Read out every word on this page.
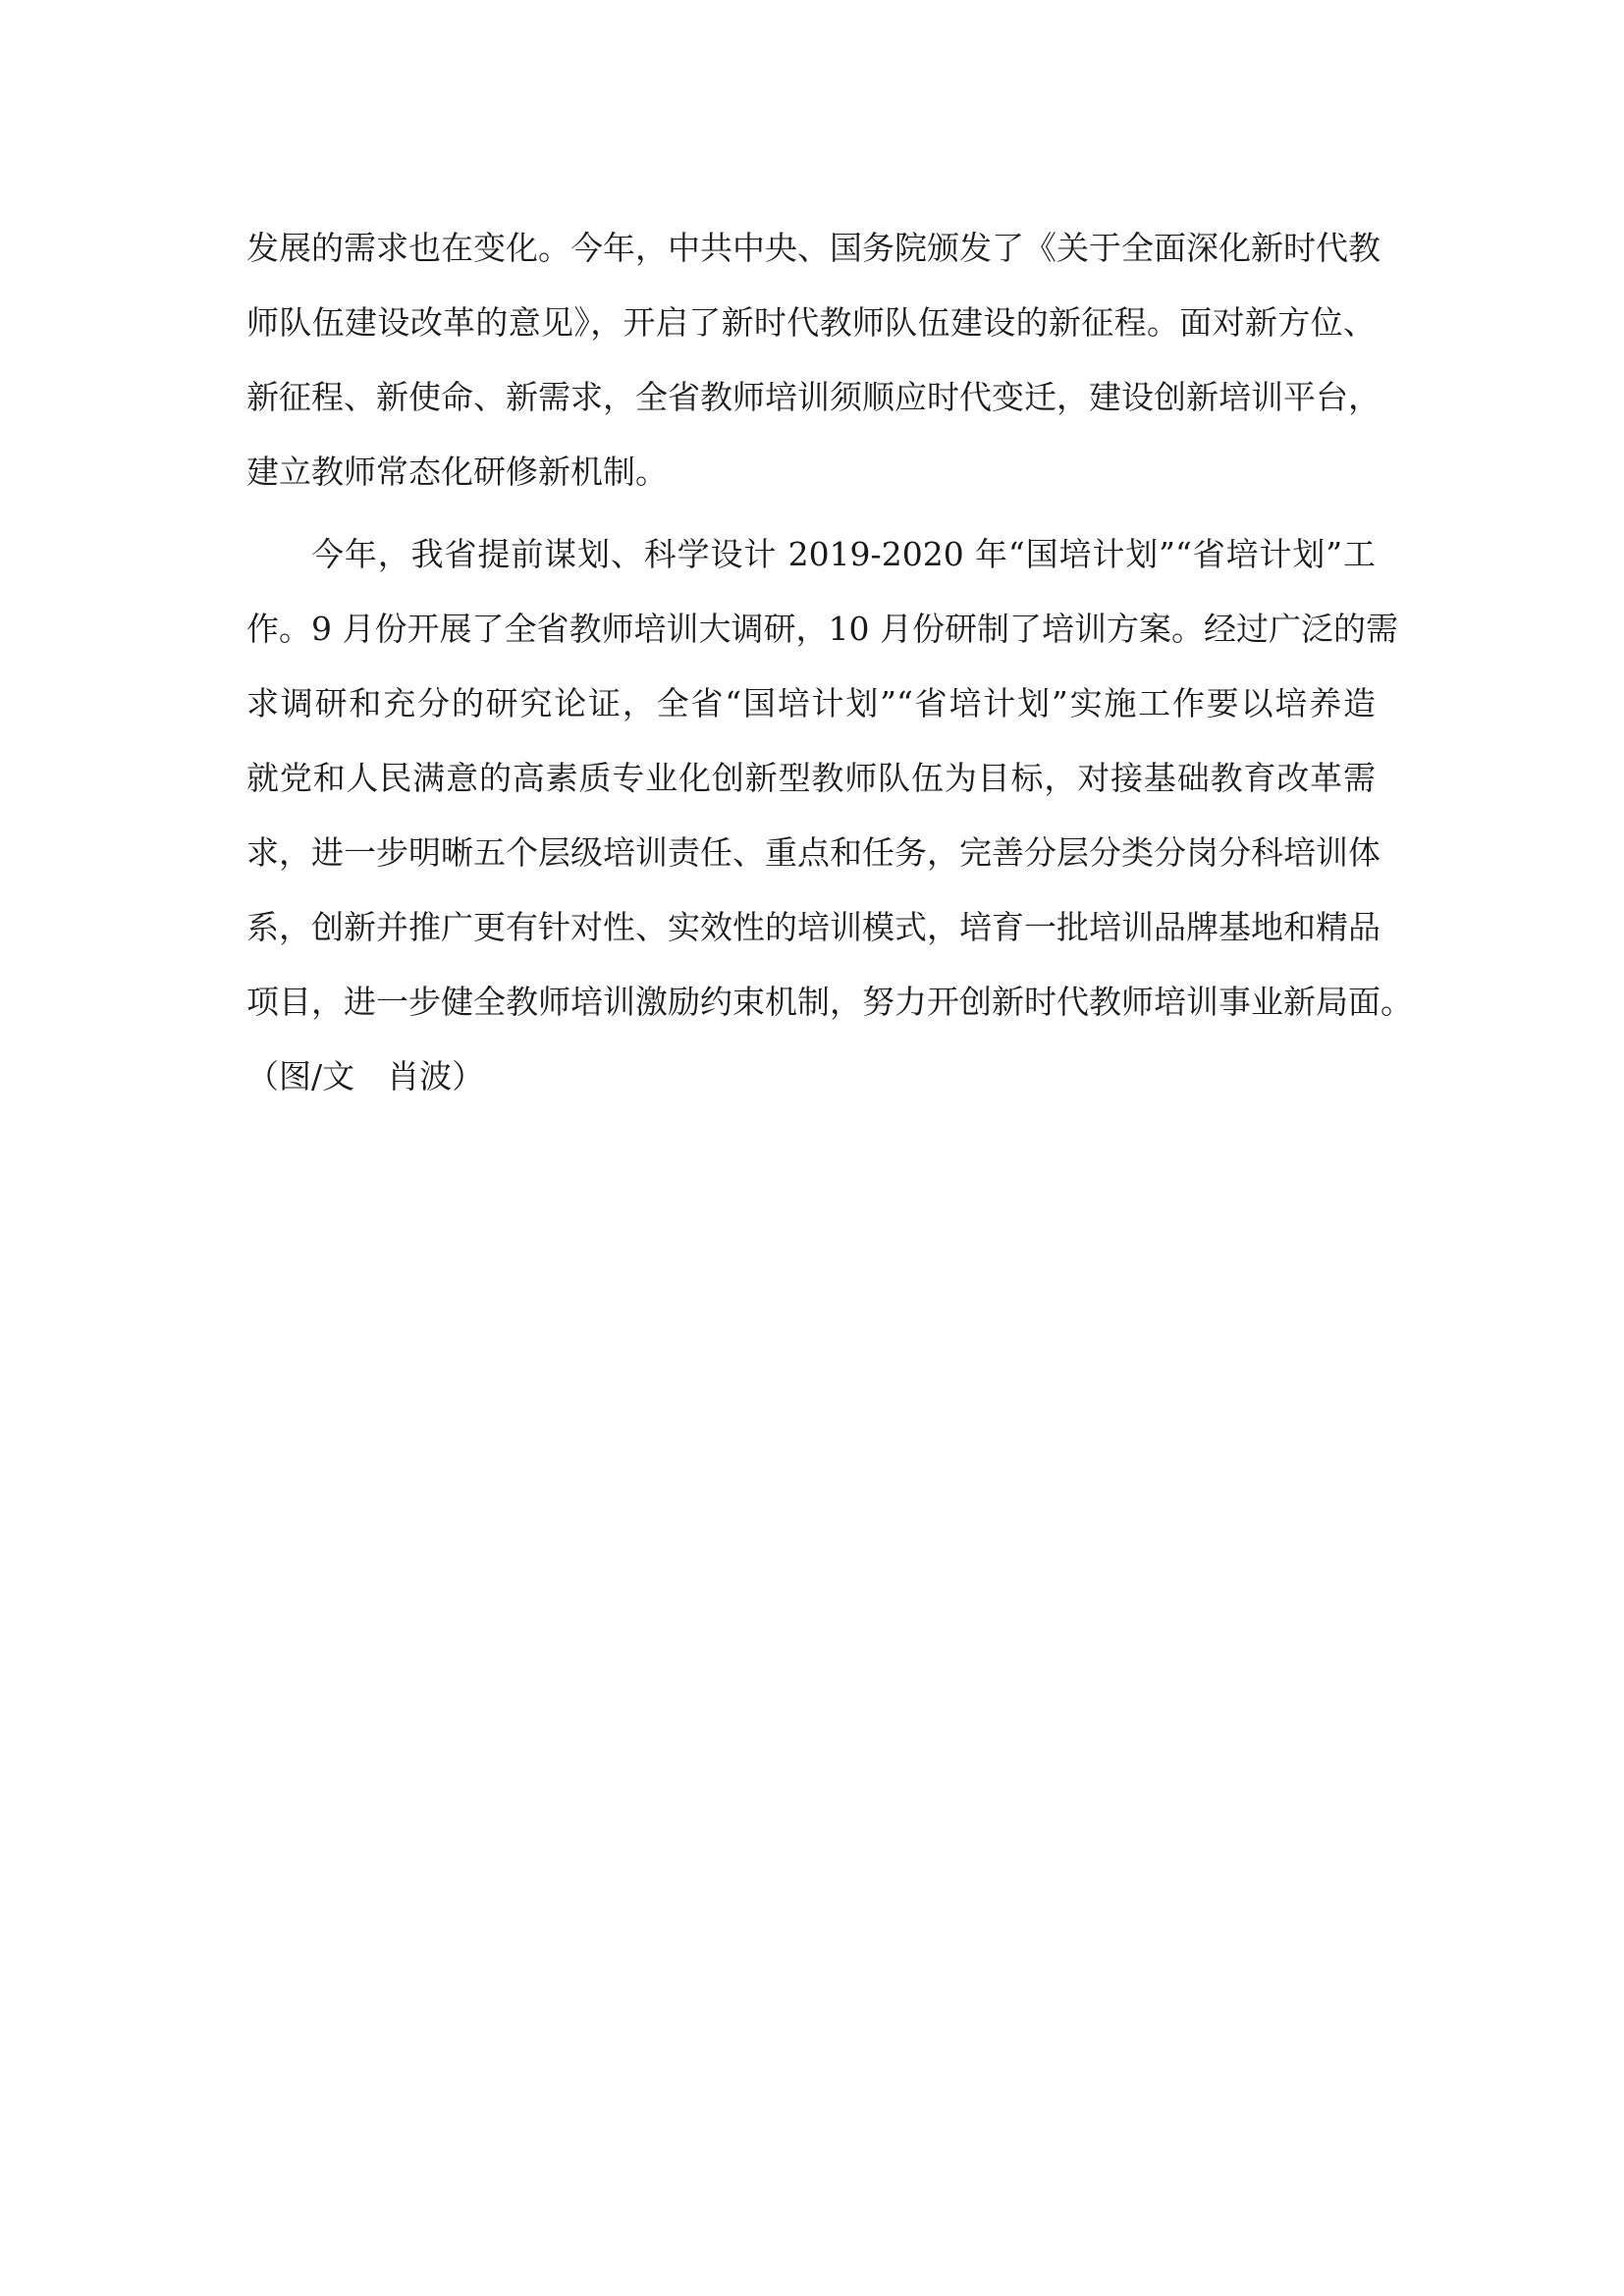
发展的需求也在变化。今年，中共中央、国务院颁发了《关于全面深化新时代教
师队伍建设改革的意见》，开启了新时代教师队伍建设的新征程。面对新方位、
新征程、新使命、新需求，全省教师培训须顺应时代变迁，建设创新培训平台，
建立教师常态化研修新机制。
今年，我省提前谋划、科学设计 2019-2020 年“国培计划”“省培计划”工
作。9 月份开展了全省教师培训大调研，10 月份研制了培训方案。经过广泛的需
求调研和充分的研究论证，全省“国培计划”“省培计划”实施工作要以培养造
就党和人民满意的高素质专业化创新型教师队伍为目标，对接基础教育改革需
求，进一步明晰五个层级培训责任、重点和任务，完善分层分类分岗分科培训体
系，创新并推广更有针对性、实效性的培训模式，培育一批培训品牌基地和精品
项目，进一步健全教师培训激励约束机制，努力开创新时代教师培训事业新局面。
（图/文　肖波）
